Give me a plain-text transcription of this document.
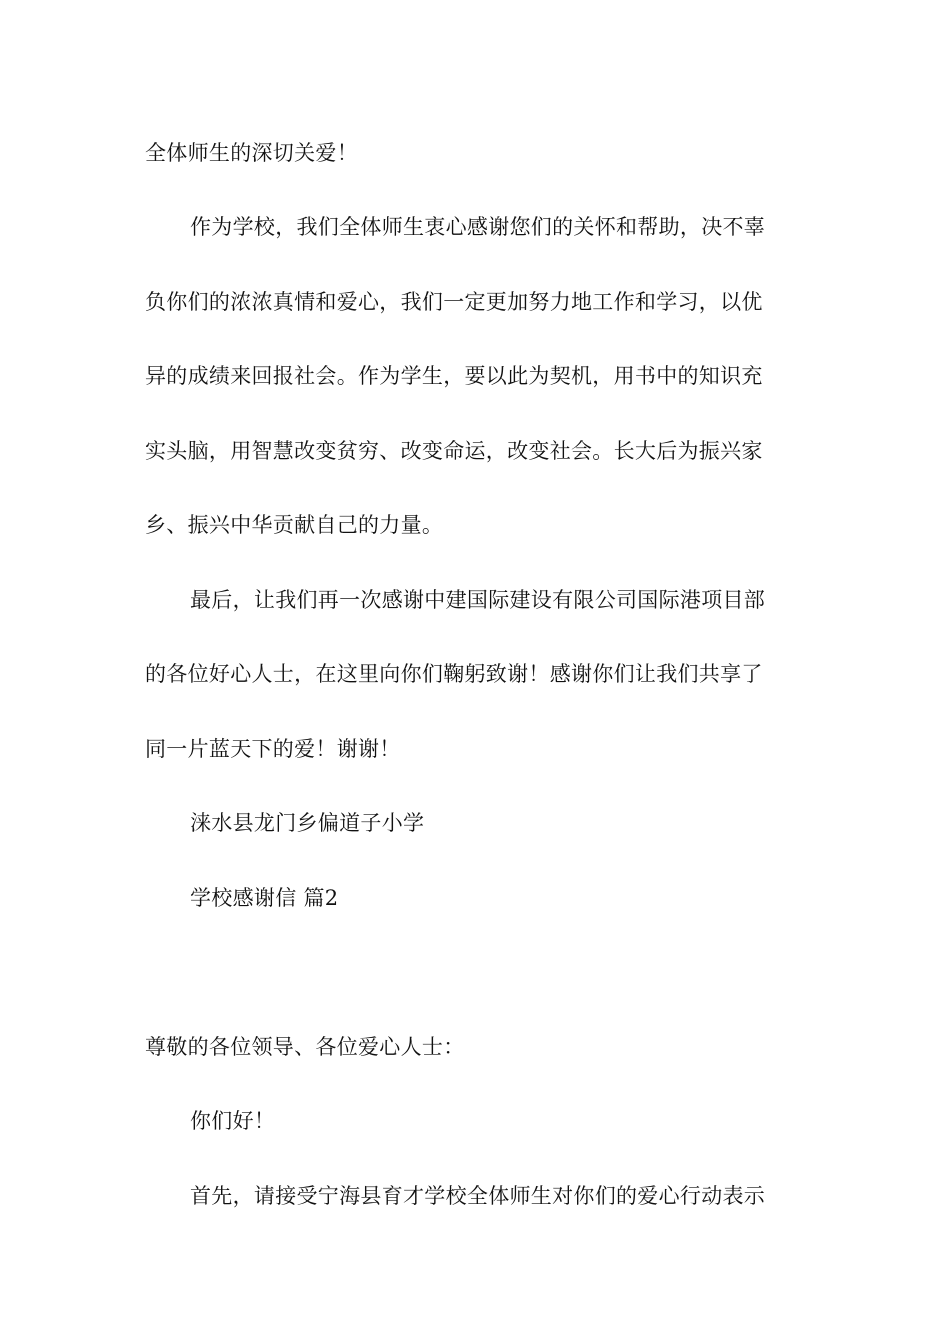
全体师生的深切关爱！
作为学校，我们全体师生衷心感谢您们的关怀和帮助，决不辜
负你们的浓浓真情和爱心，我们一定更加努力地工作和学习，以优
异的成绩来回报社会。作为学生，要以此为契机，用书中的知识充
实头脑，用智慧改变贫穷、改变命运，改变社会。长大后为振兴家
乡、振兴中华贡献自己的力量。
最后，让我们再一次感谢中建国际建设有限公司国际港项目部
的各位好心人士，在这里向你们鞠躬致谢！感谢你们让我们共享了
同一片蓝天下的爱！谢谢！
涞水县龙门乡偏道子小学
学校感谢信 篇2
尊敬的各位领导、各位爱心人士：
你们好！
首先，请接受宁海县育才学校全体师生对你们的爱心行动表示
